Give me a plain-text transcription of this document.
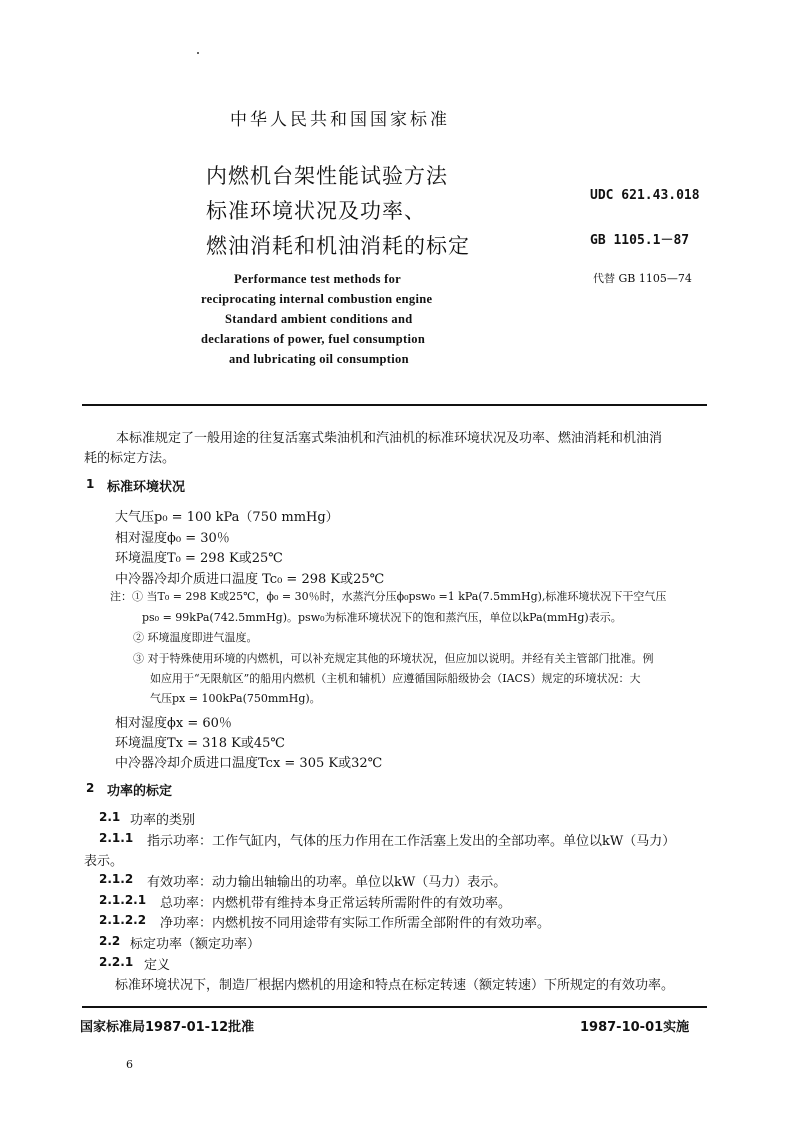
中华人民共和国国家标准
内燃机台架性能试验方法
标准环境状况及功率、
燃油消耗和机油消耗的标定
UDC 621.43.018
GB 1105.1－87
代替 GB 1105—74
Performance test methods for
reciprocating internal combustion engine
Standard ambient conditions and
declarations of power, fuel consumption
and lubricating oil consumption
本标准规定了一般用途的往复活塞式柴油机和汽油机的标准环境状况及功率、燃油消耗和机油消
耗的标定方法。
1 标准环境状况
大气压p₀ = 100 kPa（750 mmHg）
相对湿度ϕ₀ = 30％
环境温度T₀ = 298 K或25℃
中冷器冷却介质进口温度 Tc₀ = 298 K或25℃
注：① 当T₀ = 298 K或25℃，ϕ₀ = 30％时，水蒸汽分压ϕ₀psw₀ =1 kPa(7.5mmHg),标准环境状况下干空气压
ps₀ = 99kPa(742.5mmHg)。psw₀为标准环境状况下的饱和蒸汽压，单位以kPa(mmHg)表示。
② 环境温度即进气温度。
③ 对于特殊使用环境的内燃机，可以补充规定其他的环境状况，但应加以说明。并经有关主管部门批准。例
如应用于“无限航区”的船用内燃机（主机和辅机）应遵循国际船级协会（IACS）规定的环境状况：大
气压px = 100kPa(750mmHg)。
相对湿度ϕx = 60％
环境温度Tx = 318 K或45℃
中冷器冷却介质进口温度Tcx = 305 K或32℃
2 功率的标定
2.1 功率的类别
2.1.1 指示功率：工作气缸内，气体的压力作用在工作活塞上发出的全部功率。单位以kW（马力）
表示。
2.1.2 有效功率：动力输出轴输出的功率。单位以kW（马力）表示。
2.1.2.1 总功率：内燃机带有维持本身正常运转所需附件的有效功率。
2.1.2.2 净功率：内燃机按不同用途带有实际工作所需全部附件的有效功率。
2.2 标定功率（额定功率）
2.2.1 定义
标准环境状况下，制造厂根据内燃机的用途和特点在标定转速（额定转速）下所规定的有效功率。
国家标准局1987-01-12批准	1987-10-01实施
6
